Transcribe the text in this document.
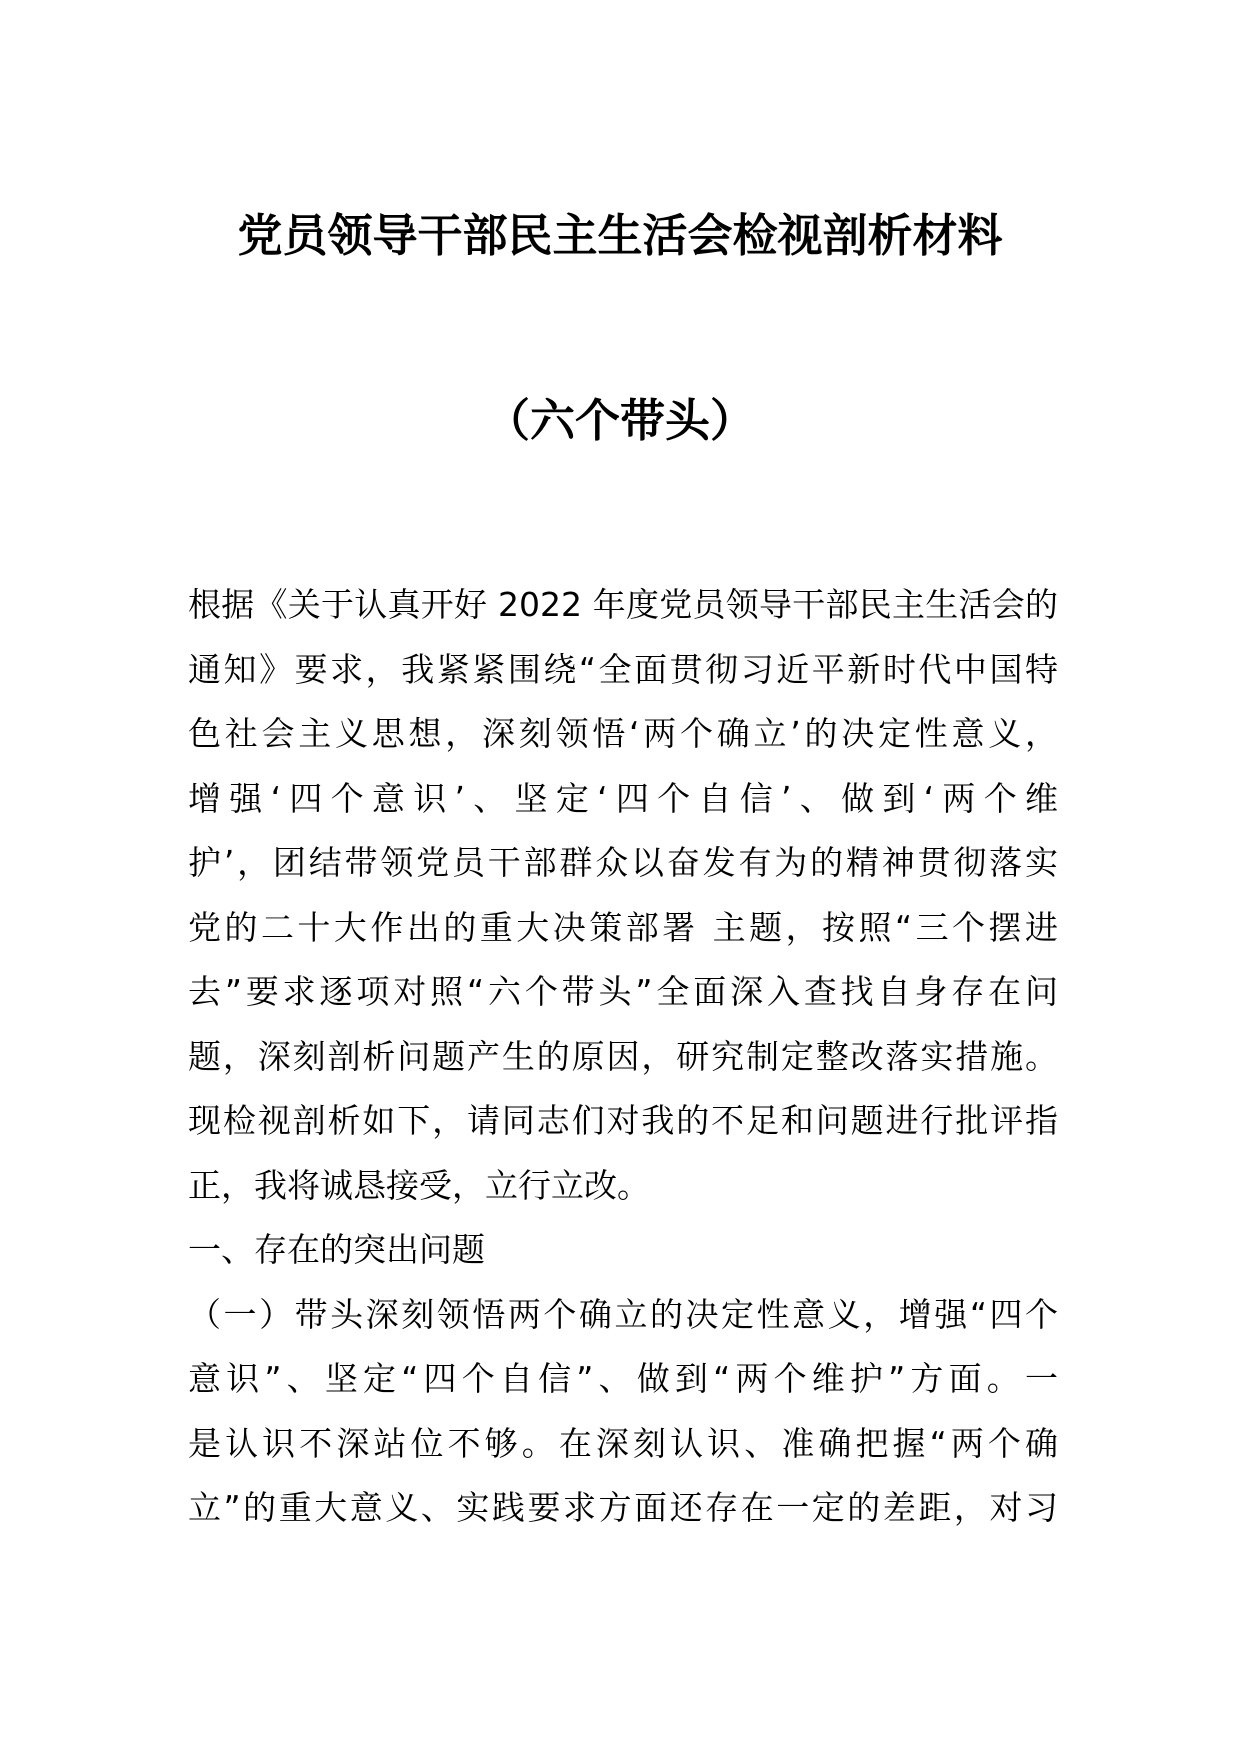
党员领导干部民主生活会检视剖析材料
（六个带头）
根据《关于认真开好 2022 年度党员领导干部民主生活会的
通知》要求，我紧紧围绕“全面贯彻习近平新时代中国特
色社会主义思想，深刻领悟‘两个确立’的决定性意义，
增强‘四个意识’、坚定‘四个自信’、做到‘两个维
护’，团结带领党员干部群众以奋发有为的精神贯彻落实
党的二十大作出的重大决策部署 主题，按照“三个摆进
去”要求逐项对照“六个带头”全面深入查找自身存在问
题，深刻剖析问题产生的原因，研究制定整改落实措施。
现检视剖析如下，请同志们对我的不足和问题进行批评指
正，我将诚恳接受，立行立改。
一、存在的突出问题
（一）带头深刻领悟两个确立的决定性意义，增强“四个
意识”、坚定“四个自信”、做到“两个维护”方面。一
是认识不深站位不够。在深刻认识、准确把握“两个确
立”的重大意义、实践要求方面还存在一定的差距，对习
